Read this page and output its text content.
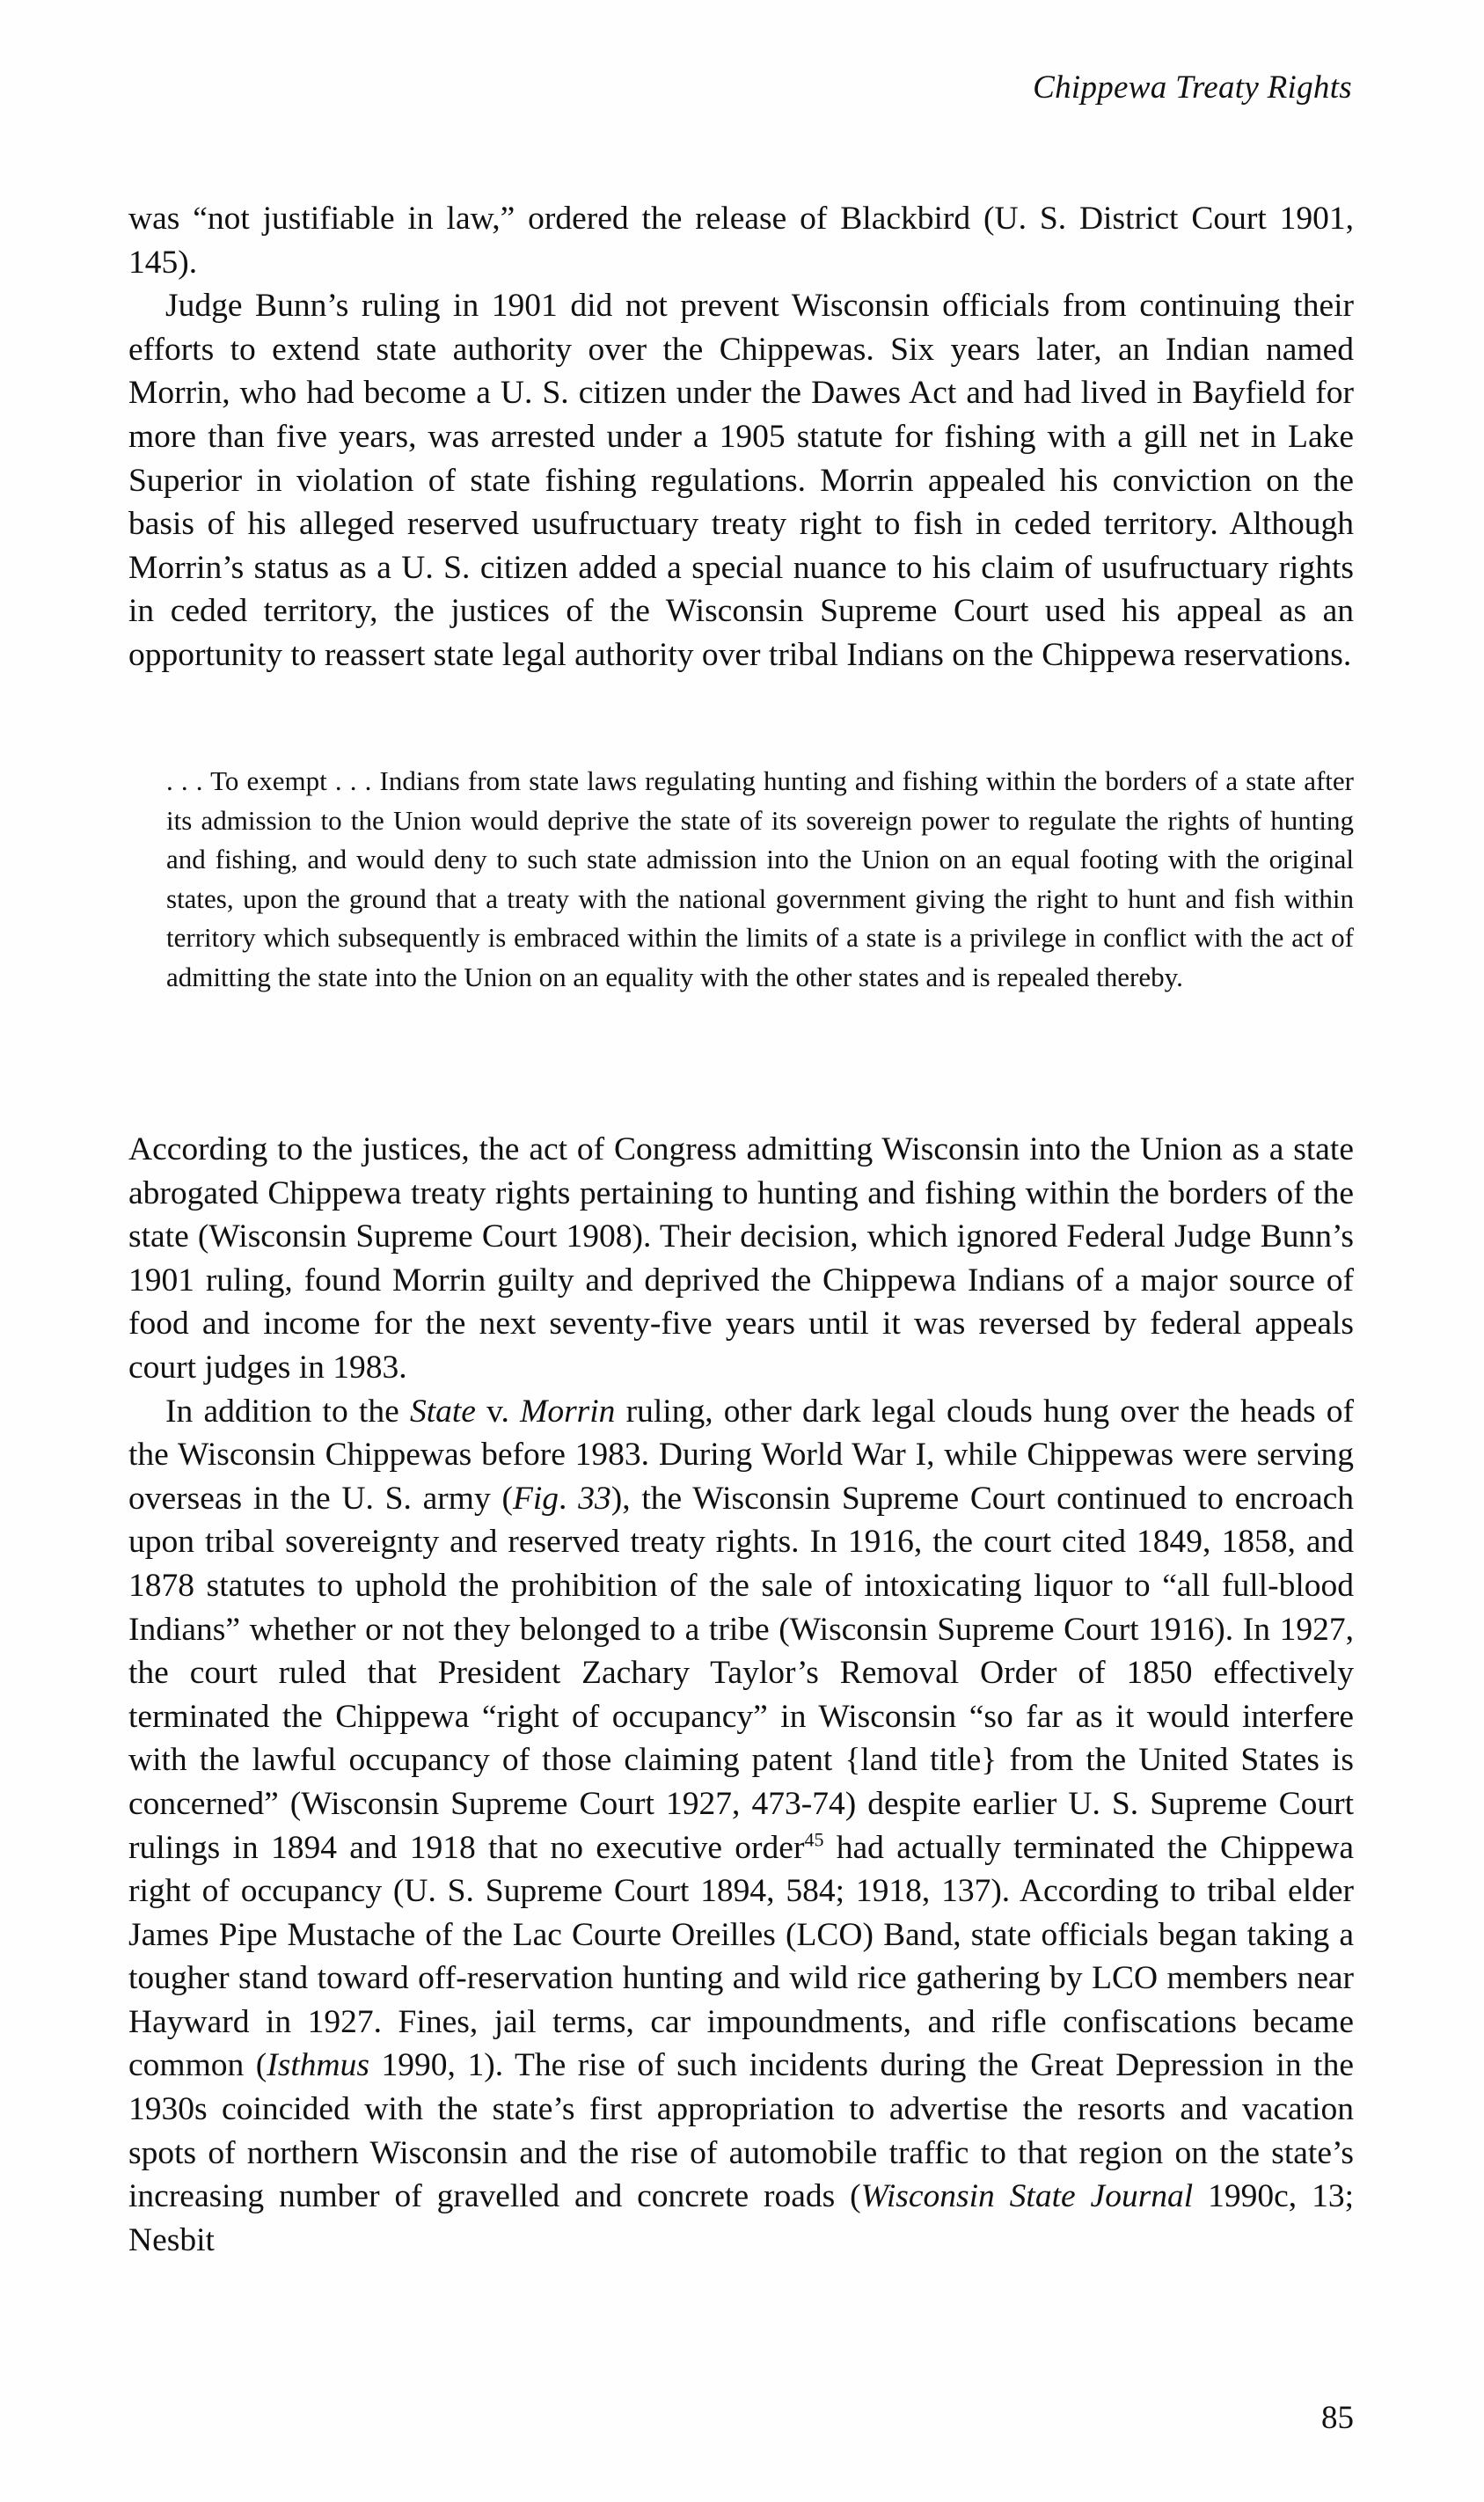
Chippewa Treaty Rights

was “not justifiable in law,” ordered the release of Blackbird (U. S. District Court 1901, 145).

Judge Bunn’s ruling in 1901 did not prevent Wisconsin officials from continuing their efforts to extend state authority over the Chippewas. Six years later, an Indian named Morrin, who had become a U. S. citizen under the Dawes Act and had lived in Bayfield for more than five years, was arrested under a 1905 statute for fishing with a gill net in Lake Superior in violation of state fishing regulations. Morrin appealed his conviction on the basis of his alleged reserved usufructuary treaty right to fish in ceded territory. Although Morrin’s status as a U. S. citizen added a special nuance to his claim of usufructuary rights in ceded territory, the justices of the Wisconsin Supreme Court used his appeal as an opportunity to reassert state legal authority over tribal Indians on the Chippewa reservations.

. . . To exempt . . . Indians from state laws regulating hunting and fishing within the borders of a state after its admission to the Union would deprive the state of its sovereign power to regulate the rights of hunting and fishing, and would deny to such state admission into the Union on an equal footing with the original states, upon the ground that a treaty with the national government giving the right to hunt and fish within territory which subsequently is embraced within the limits of a state is a privilege in conflict with the act of admitting the state into the Union on an equality with the other states and is repealed thereby.

According to the justices, the act of Congress admitting Wisconsin into the Union as a state abrogated Chippewa treaty rights pertaining to hunting and fishing within the borders of the state (Wisconsin Supreme Court 1908). Their decision, which ignored Federal Judge Bunn’s 1901 ruling, found Morrin guilty and deprived the Chippewa Indians of a major source of food and income for the next seventy-five years until it was reversed by federal appeals court judges in 1983.

In addition to the State v. Morrin ruling, other dark legal clouds hung over the heads of the Wisconsin Chippewas before 1983. During World War I, while Chippewas were serving overseas in the U. S. army (Fig. 33), the Wisconsin Supreme Court continued to encroach upon tribal sovereignty and reserved treaty rights. In 1916, the court cited 1849, 1858, and 1878 statutes to uphold the prohibition of the sale of intoxicating liquor to “all full-blood Indians” whether or not they belonged to a tribe (Wisconsin Supreme Court 1916). In 1927, the court ruled that President Zachary Taylor’s Removal Order of 1850 effectively terminated the Chippewa “right of occupancy” in Wisconsin “so far as it would interfere with the lawful occupancy of those claiming patent {land title} from the United States is concerned” (Wisconsin Supreme Court 1927, 473-74) despite earlier U. S. Supreme Court rulings in 1894 and 1918 that no executive order$^{45}$ had actually terminated the Chippewa right of occupancy (U. S. Supreme Court 1894, 584; 1918, 137). According to tribal elder James Pipe Mustache of the Lac Courte Oreilles (LCO) Band, state officials began taking a tougher stand toward off-reservation hunting and wild rice gathering by LCO members near Hayward in 1927. Fines, jail terms, car impoundments, and rifle confiscations became common (Isthmus 1990, 1). The rise of such incidents during the Great Depression in the 1930s coincided with the state’s first appropriation to advertise the resorts and vacation spots of northern Wisconsin and the rise of automobile traffic to that region on the state’s increasing number of gravelled and concrete roads (Wisconsin State Journal 1990c, 13; Nesbit

85
